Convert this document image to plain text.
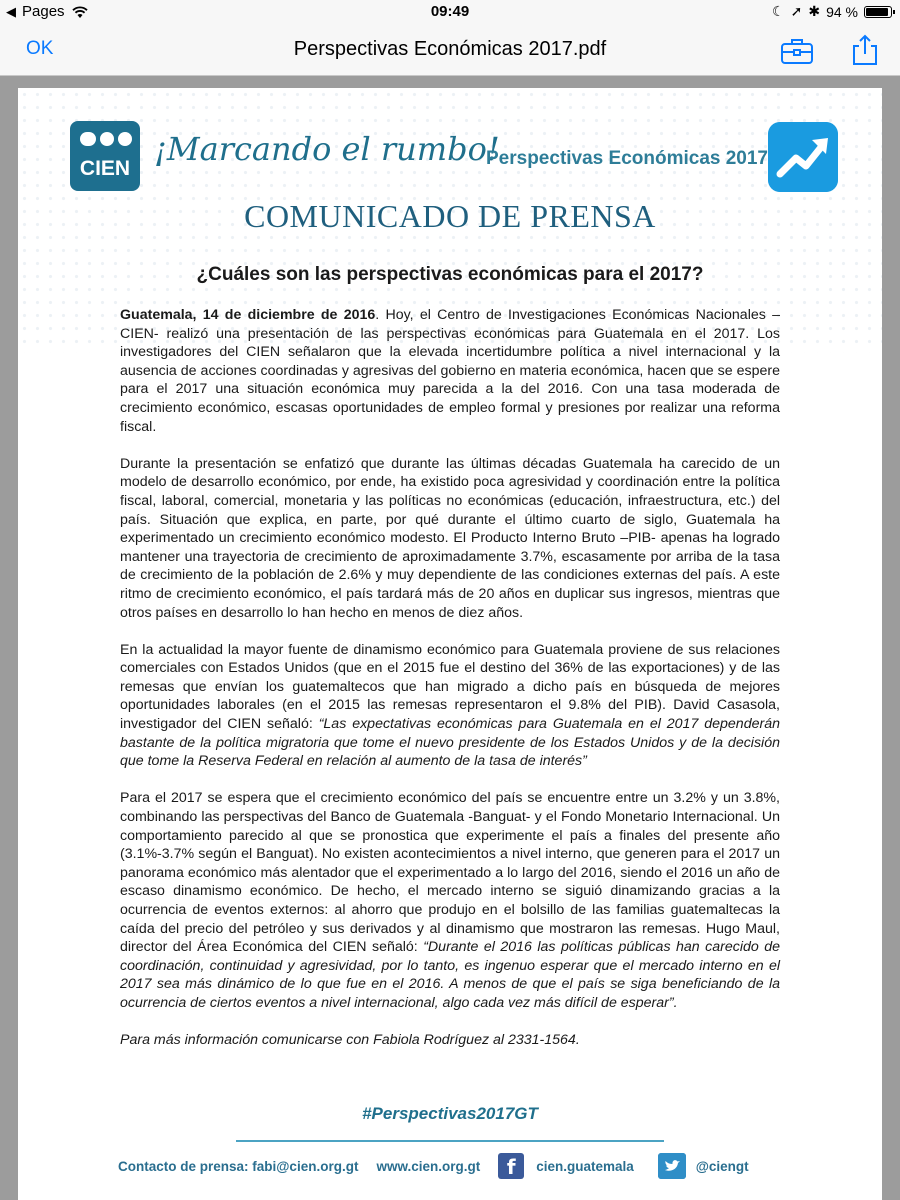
◀ Pages	09:49	☾ ➚ ✱ 94 %
OK	Perspectivas Económicas 2017.pdf
CIEN
¡Marcando el rumbo!
Perspectivas Económicas 2017
COMUNICADO DE PRENSA
¿Cuáles son las perspectivas económicas para el 2017?

Guatemala, 14 de diciembre de 2016. Hoy, el Centro de Investigaciones Económicas Nacionales –CIEN- realizó una presentación de las perspectivas económicas para Guatemala en el 2017. Los investigadores del CIEN señalaron que la elevada incertidumbre política a nivel internacional y la ausencia de acciones coordinadas y agresivas del gobierno en materia económica, hacen que se espere para el 2017 una situación económica muy parecida a la del 2016. Con una tasa moderada de crecimiento económico, escasas oportunidades de empleo formal y presiones por realizar una reforma fiscal.

Durante la presentación se enfatizó que durante las últimas décadas Guatemala ha carecido de un modelo de desarrollo económico, por ende, ha existido poca agresividad y coordinación entre la política fiscal, laboral, comercial, monetaria y las políticas no económicas (educación, infraestructura, etc.) del país. Situación que explica, en parte, por qué durante el último cuarto de siglo, Guatemala ha experimentado un crecimiento económico modesto. El Producto Interno Bruto –PIB- apenas ha logrado mantener una trayectoria de crecimiento de aproximadamente 3.7%, escasamente por arriba de la tasa de crecimiento de la población de 2.6% y muy dependiente de las condiciones externas del país. A este ritmo de crecimiento económico, el país tardará más de 20 años en duplicar sus ingresos, mientras que otros países en desarrollo lo han hecho en menos de diez años.

En la actualidad la mayor fuente de dinamismo económico para Guatemala proviene de sus relaciones comerciales con Estados Unidos (que en el 2015 fue el destino del 36% de las exportaciones) y de las remesas que envían los guatemaltecos que han migrado a dicho país en búsqueda de mejores oportunidades laborales (en el 2015 las remesas representaron el 9.8% del PIB). David Casasola, investigador del CIEN señaló: “Las expectativas económicas para Guatemala en el 2017 dependerán bastante de la política migratoria que tome el nuevo presidente de los Estados Unidos y de la decisión que tome la Reserva Federal en relación al aumento de la tasa de interés”

Para el 2017 se espera que el crecimiento económico del país se encuentre entre un 3.2% y un 3.8%, combinando las perspectivas del Banco de Guatemala -Banguat- y el Fondo Monetario Internacional. Un comportamiento parecido al que se pronostica que experimente el país a finales del presente año (3.1%-3.7% según el Banguat). No existen acontecimientos a nivel interno, que generen para el 2017 un panorama económico más alentador que el experimentado a lo largo del 2016, siendo el 2016 un año de escaso dinamismo económico. De hecho, el mercado interno se siguió dinamizando gracias a la ocurrencia de eventos externos: al ahorro que produjo en el bolsillo de las familias guatemaltecas la caída del precio del petróleo y sus derivados y al dinamismo que mostraron las remesas. Hugo Maul, director del Área Económica del CIEN señaló: “Durante el 2016 las políticas públicas han carecido de coordinación, continuidad y agresividad, por lo tanto, es ingenuo esperar que el mercado interno en el 2017 sea más dinámico de lo que fue en el 2016. A menos de que el país se siga beneficiando de la ocurrencia de ciertos eventos a nivel internacional, algo cada vez más difícil de esperar”.

Para más información comunicarse con Fabiola Rodríguez al 2331-1564.

#Perspectivas2017GT
Contacto de prensa: fabi@cien.org.gt www.cien.org.gt	f	cien.guatemala	@ciengt
